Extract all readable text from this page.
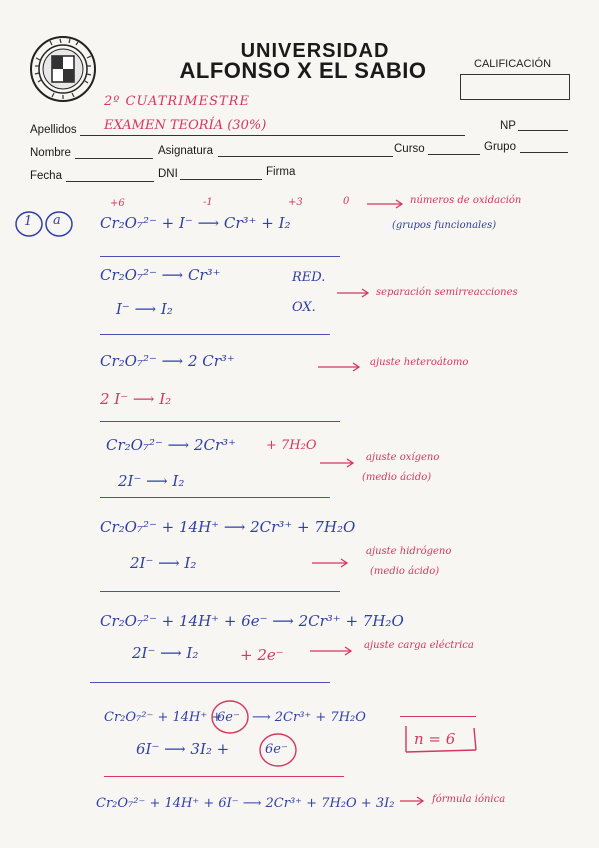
UNIVERSIDAD
ALFONSO X EL SABIO	CALIFICACIÓN
2º CUATRIMESTRE
Apellidos EXAMEN TEORÍA (30%)	NP
Nombre	Asignatura	Curso	Grupo
Fecha	DNI	Firma
1 a
+6	-1	+3	0
Cr₂O₇²⁻ + I⁻ ⟶ Cr³⁺ + I₂
números de oxidación
(grupos funcionales)
Cr₂O₇²⁻ ⟶ Cr³⁺	RED.
separación semirreacciones
I⁻ ⟶ I₂	OX.
Cr₂O₇²⁻ ⟶ 2 Cr³⁺	ajuste heteroátomo
2 I⁻ ⟶ I₂
Cr₂O₇²⁻ ⟶ 2Cr³⁺ + 7H₂O
ajuste oxígeno
(medio ácido)
2I⁻ ⟶ I₂
Cr₂O₇²⁻ + 14H⁺ ⟶ 2Cr³⁺ + 7H₂O
2I⁻ ⟶ I₂
ajuste hidrógeno
(medio ácido)
Cr₂O₇²⁻ + 14H⁺ + 6e⁻ ⟶ 2Cr³⁺ + 7H₂O
2I⁻ ⟶ I₂	+ 2e⁻
ajuste carga eléctrica
Cr₂O₇²⁻ + 14H⁺ +
6e⁻ ⟶ 2Cr³⁺ + 7H₂O
6I⁻ ⟶ 3I₂ +	6e⁻
n = 6
Cr₂O₇²⁻ + 14H⁺ + 6I⁻ ⟶ 2Cr³⁺ + 7H₂O + 3I₂	fórmula iónica
